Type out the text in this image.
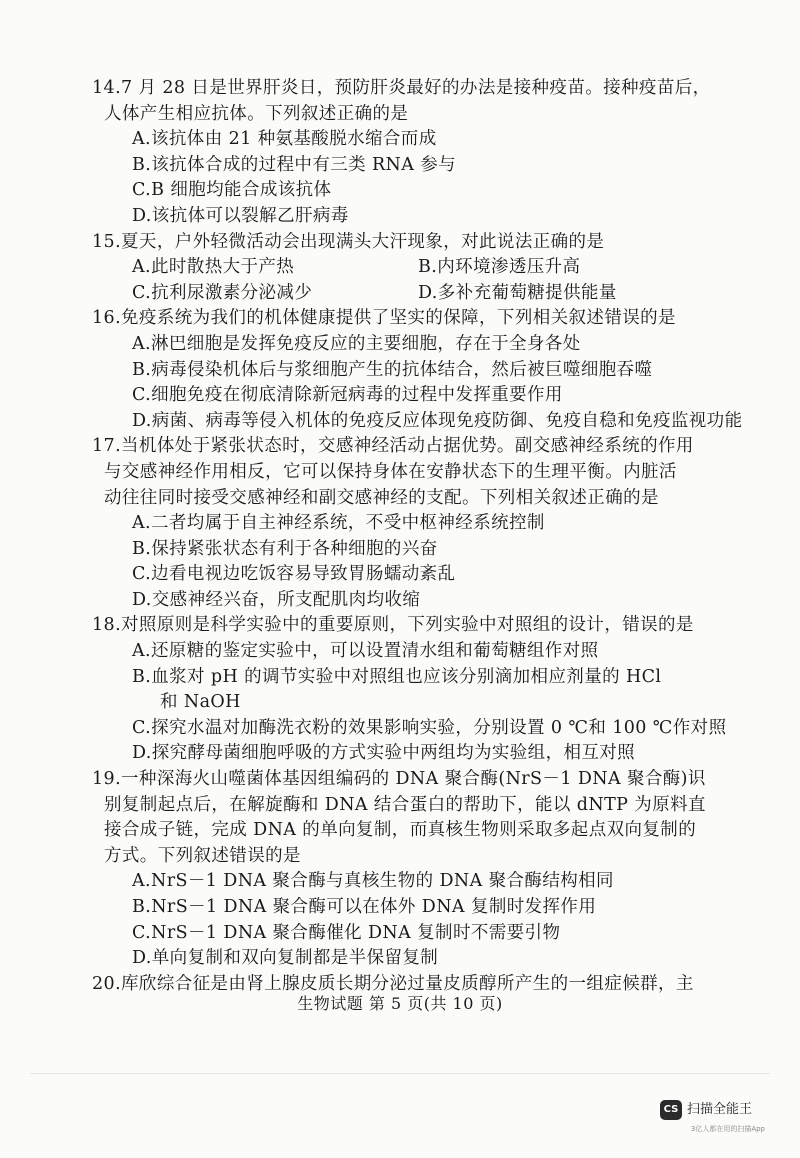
14.7 月 28 日是世界肝炎日，预防肝炎最好的办法是接种疫苗。接种疫苗后，
人体产生相应抗体。下列叙述正确的是
A.该抗体由 21 种氨基酸脱水缩合而成
B.该抗体合成的过程中有三类 RNA 参与
C.B 细胞均能合成该抗体
D.该抗体可以裂解乙肝病毒
15.夏天，户外轻微活动会出现满头大汗现象，对此说法正确的是
A.此时散热大于产热	B.内环境渗透压升高
C.抗利尿激素分泌减少	D.多补充葡萄糖提供能量
16.免疫系统为我们的机体健康提供了坚实的保障，下列相关叙述错误的是
A.淋巴细胞是发挥免疫反应的主要细胞，存在于全身各处
B.病毒侵染机体后与浆细胞产生的抗体结合，然后被巨噬细胞吞噬
C.细胞免疫在彻底清除新冠病毒的过程中发挥重要作用
D.病菌、病毒等侵入机体的免疫反应体现免疫防御、免疫自稳和免疫监视功能
17.当机体处于紧张状态时，交感神经活动占据优势。副交感神经系统的作用
与交感神经作用相反，它可以保持身体在安静状态下的生理平衡。内脏活
动往往同时接受交感神经和副交感神经的支配。下列相关叙述正确的是
A.二者均属于自主神经系统，不受中枢神经系统控制
B.保持紧张状态有利于各种细胞的兴奋
C.边看电视边吃饭容易导致胃肠蠕动紊乱
D.交感神经兴奋，所支配肌肉均收缩
18.对照原则是科学实验中的重要原则，下列实验中对照组的设计，错误的是
A.还原糖的鉴定实验中，可以设置清水组和葡萄糖组作对照
B.血浆对 pH 的调节实验中对照组也应该分别滴加相应剂量的 HCl
和 NaOH
C.探究水温对加酶洗衣粉的效果影响实验，分别设置 0 ℃和 100 ℃作对照
D.探究酵母菌细胞呼吸的方式实验中两组均为实验组，相互对照
19.一种深海火山噬菌体基因组编码的 DNA 聚合酶(NrS－1 DNA 聚合酶)识
别复制起点后，在解旋酶和 DNA 结合蛋白的帮助下，能以 dNTP 为原料直
接合成子链，完成 DNA 的单向复制，而真核生物则采取多起点双向复制的
方式。下列叙述错误的是
A.NrS－1 DNA 聚合酶与真核生物的 DNA 聚合酶结构相同
B.NrS－1 DNA 聚合酶可以在体外 DNA 复制时发挥作用
C.NrS－1 DNA 聚合酶催化 DNA 复制时不需要引物
D.单向复制和双向复制都是半保留复制
20.库欣综合征是由肾上腺皮质长期分泌过量皮质醇所产生的一组症候群，主
生物试题 第 5 页(共 10 页)
CS 扫描全能王
3亿人都在用的扫描App
